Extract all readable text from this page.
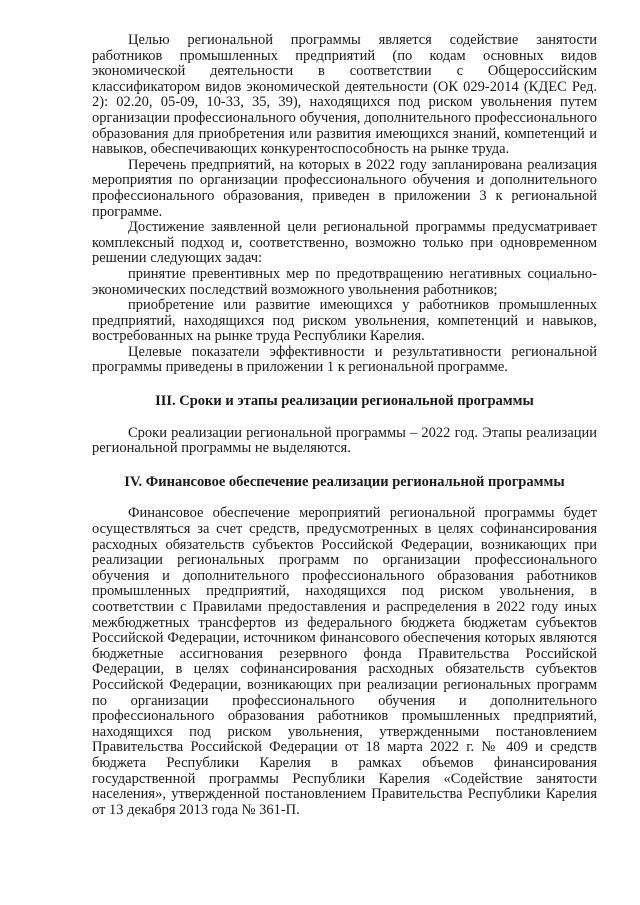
Целью региональной программы является содействие занятости работников промышленных предприятий (по кодам основных видов экономической деятельности в соответствии с Общероссийским классификатором видов экономической деятельности (ОК 029-2014 (КДЕС Ред. 2): 02.20, 05-09, 10-33, 35, 39), находящихся под риском увольнения путем организации профессионального обучения, дополнительного профессионального образования для приобретения или развития имеющихся знаний, компетенций и навыков, обеспечивающих конкурентоспособность на рынке труда.

Перечень предприятий, на которых в 2022 году запланирована реализация мероприятия по организации профессионального обучения и дополнительного профессионального образования, приведен в приложении 3 к региональной программе.

Достижение заявленной цели региональной программы предусматривает комплексный подход и, соответственно, возможно только при одновременном решении следующих задач:

принятие превентивных мер по предотвращению негативных социально-экономических последствий возможного увольнения работников;

приобретение или развитие имеющихся у работников промышленных предприятий, находящихся под риском увольнения, компетенций и навыков, востребованных на рынке труда Республики Карелия.

Целевые показатели эффективности и результативности региональной программы приведены в приложении 1 к региональной программе.

III. Сроки и этапы реализации региональной программы

Сроки реализации региональной программы – 2022 год. Этапы реализации региональной программы не выделяются.

IV. Финансовое обеспечение реализации региональной программы

Финансовое обеспечение мероприятий региональной программы будет осуществляться за счет средств, предусмотренных в целях софинансирования расходных обязательств субъектов Российской Федерации, возникающих при реализации региональных программ по организации профессионального обучения и дополнительного профессионального образования работников промышленных предприятий, находящихся под риском увольнения, в соответствии с Правилами предоставления и распределения в 2022 году иных межбюджетных трансфертов из федерального бюджета бюджетам субъектов Российской Федерации, источником финансового обеспечения которых являются бюджетные ассигнования резервного фонда Правительства Российской Федерации, в целях софинансирования расходных обязательств субъектов Российской Федерации, возникающих при реализации региональных программ по организации профессионального обучения и дополнительного профессионального образования работников промышленных предприятий, находящихся под риском увольнения, утвержденными постановлением Правительства Российской Федерации от 18 марта 2022 г. № 409 и средств бюджета Республики Карелия в рамках объемов финансирования государственной программы Республики Карелия «Содействие занятости населения», утвержденной постановлением Правительства Республики Карелия от 13 декабря 2013 года № 361-П.
